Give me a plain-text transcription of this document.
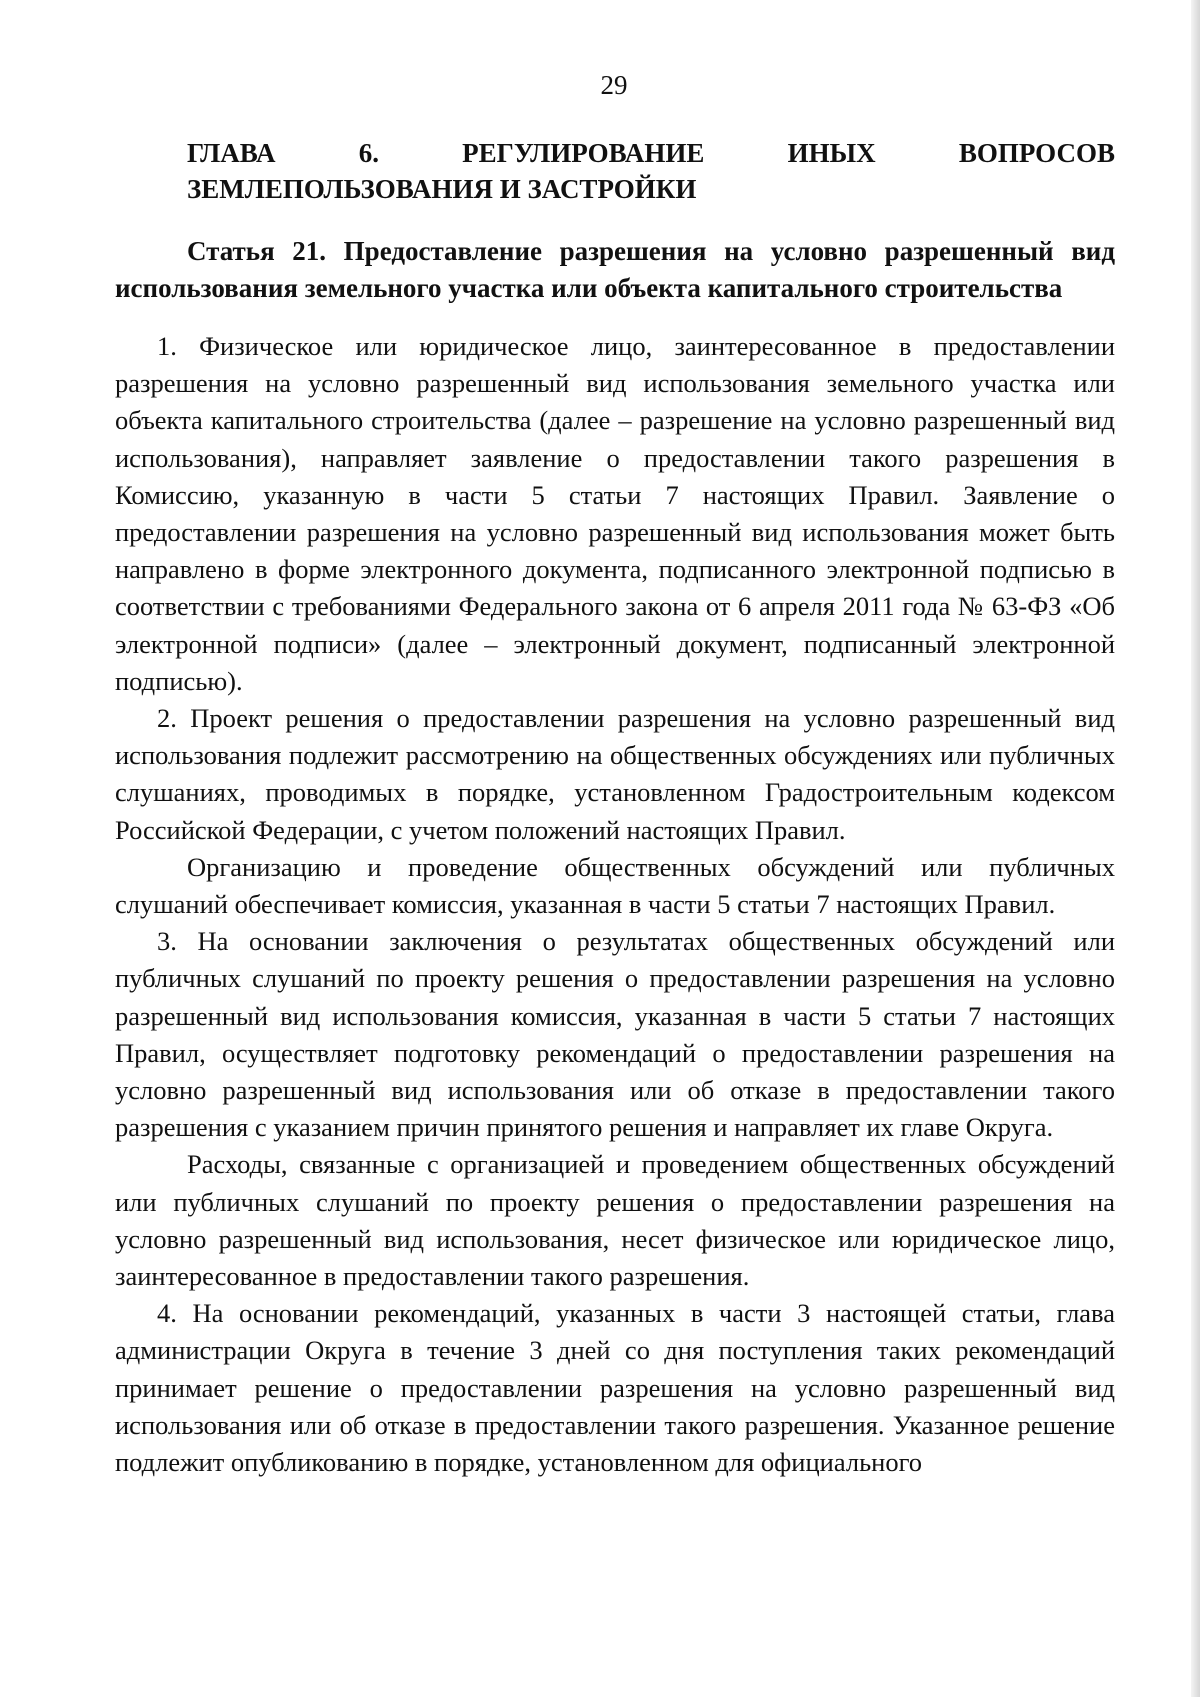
29
ГЛАВА 6. РЕГУЛИРОВАНИЕ ИНЫХ ВОПРОСОВ
ЗЕМЛЕПОЛЬЗОВАНИЯ И ЗАСТРОЙКИ
Статья 21. Предоставление разрешения на условно разрешенный вид использования земельного участка или объекта капитального строительства

1. Физическое или юридическое лицо, заинтересованное в предоставлении разрешения на условно разрешенный вид использования земельного участка или объекта капитального строительства (далее – разрешение на условно разрешенный вид использования), направляет заявление о предоставлении такого разрешения в Комиссию, указанную в части 5 статьи 7 настоящих Правил. Заявление о предоставлении разрешения на условно разрешенный вид использования может быть направлено в форме электронного документа, подписанного электронной подписью в соответствии с требованиями Федерального закона от 6 апреля 2011 года № 63-ФЗ «Об электронной подписи» (далее – электронный документ, подписанный электронной подписью).

2. Проект решения о предоставлении разрешения на условно разрешенный вид использования подлежит рассмотрению на общественных обсуждениях или публичных слушаниях, проводимых в порядке, установленном Градостроительным кодексом Российской Федерации, с учетом положений настоящих Правил.

Организацию и проведение общественных обсуждений или публичных слушаний обеспечивает комиссия, указанная в части 5 статьи 7 настоящих Правил.

3. На основании заключения о результатах общественных обсуждений или публичных слушаний по проекту решения о предоставлении разрешения на условно разрешенный вид использования комиссия, указанная в части 5 статьи 7 настоящих Правил, осуществляет подготовку рекомендаций о предоставлении разрешения на условно разрешенный вид использования или об отказе в предоставлении такого разрешения с указанием причин принятого решения и направляет их главе Округа.

Расходы, связанные с организацией и проведением общественных обсуждений или публичных слушаний по проекту решения о предоставлении разрешения на условно разрешенный вид использования, несет физическое или юридическое лицо, заинтересованное в предоставлении такого разрешения.

4. На основании рекомендаций, указанных в части 3 настоящей статьи, глава администрации Округа в течение 3 дней со дня поступления таких рекомендаций принимает решение о предоставлении разрешения на условно разрешенный вид использования или об отказе в предоставлении такого разрешения. Указанное решение подлежит опубликованию в порядке, установленном для официального
